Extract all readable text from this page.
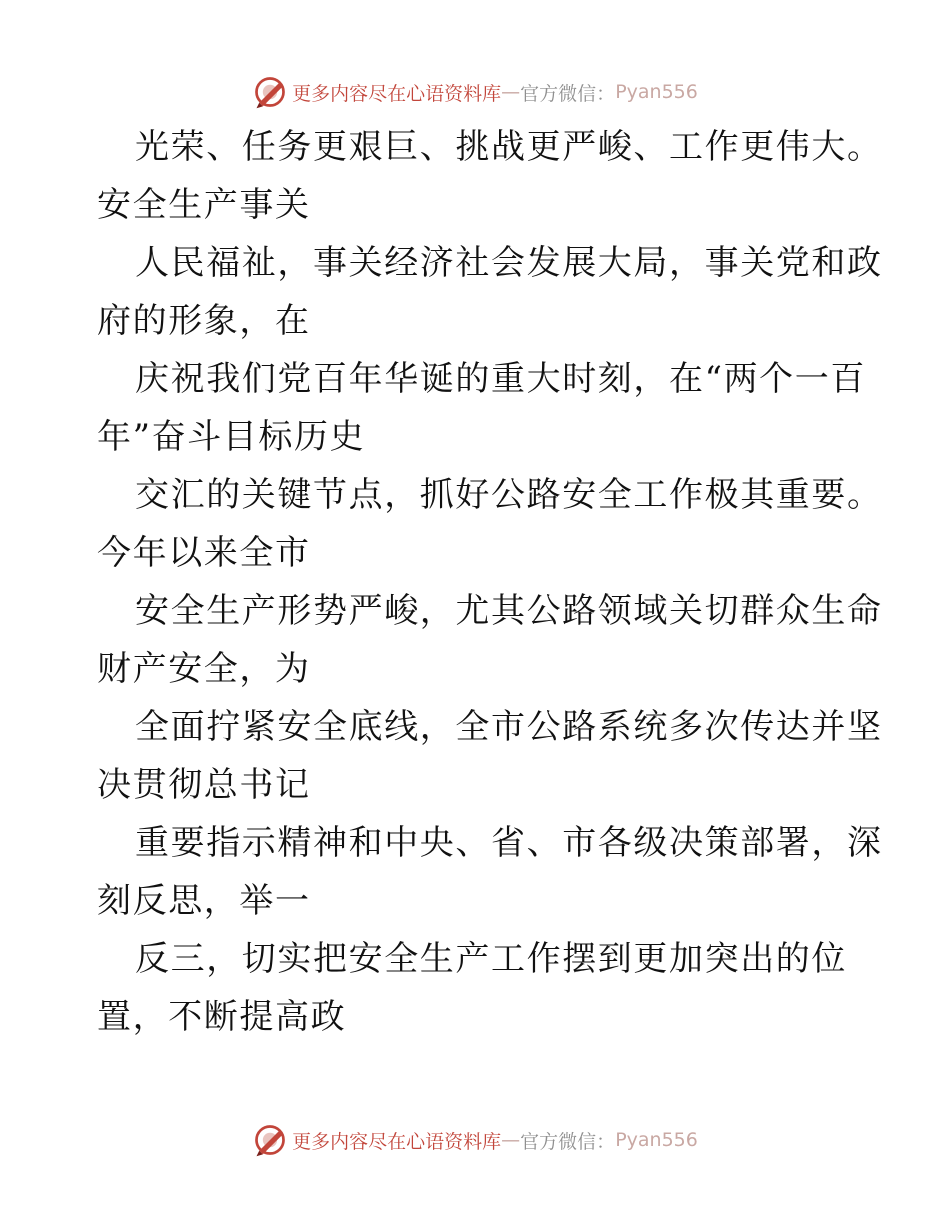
更多内容尽在心语资料库 — 官方微信： Pyan556
光荣、任务更艰巨、挑战更严峻、工作更伟大。
安全生产事关
人民福祉，事关经济社会发展大局，事关党和政
府的形象，在
庆祝我们党百年华诞的重大时刻，在“两个一百
年”奋斗目标历史
交汇的关键节点，抓好公路安全工作极其重要。
今年以来全市
安全生产形势严峻，尤其公路领域关切群众生命
财产安全，为
全面拧紧安全底线，全市公路系统多次传达并坚
决贯彻总书记
重要指示精神和中央、省、市各级决策部署，深
刻反思，举一
反三，切实把安全生产工作摆到更加突出的位
置，不断提高政
更多内容尽在心语资料库 — 官方微信： Pyan556
